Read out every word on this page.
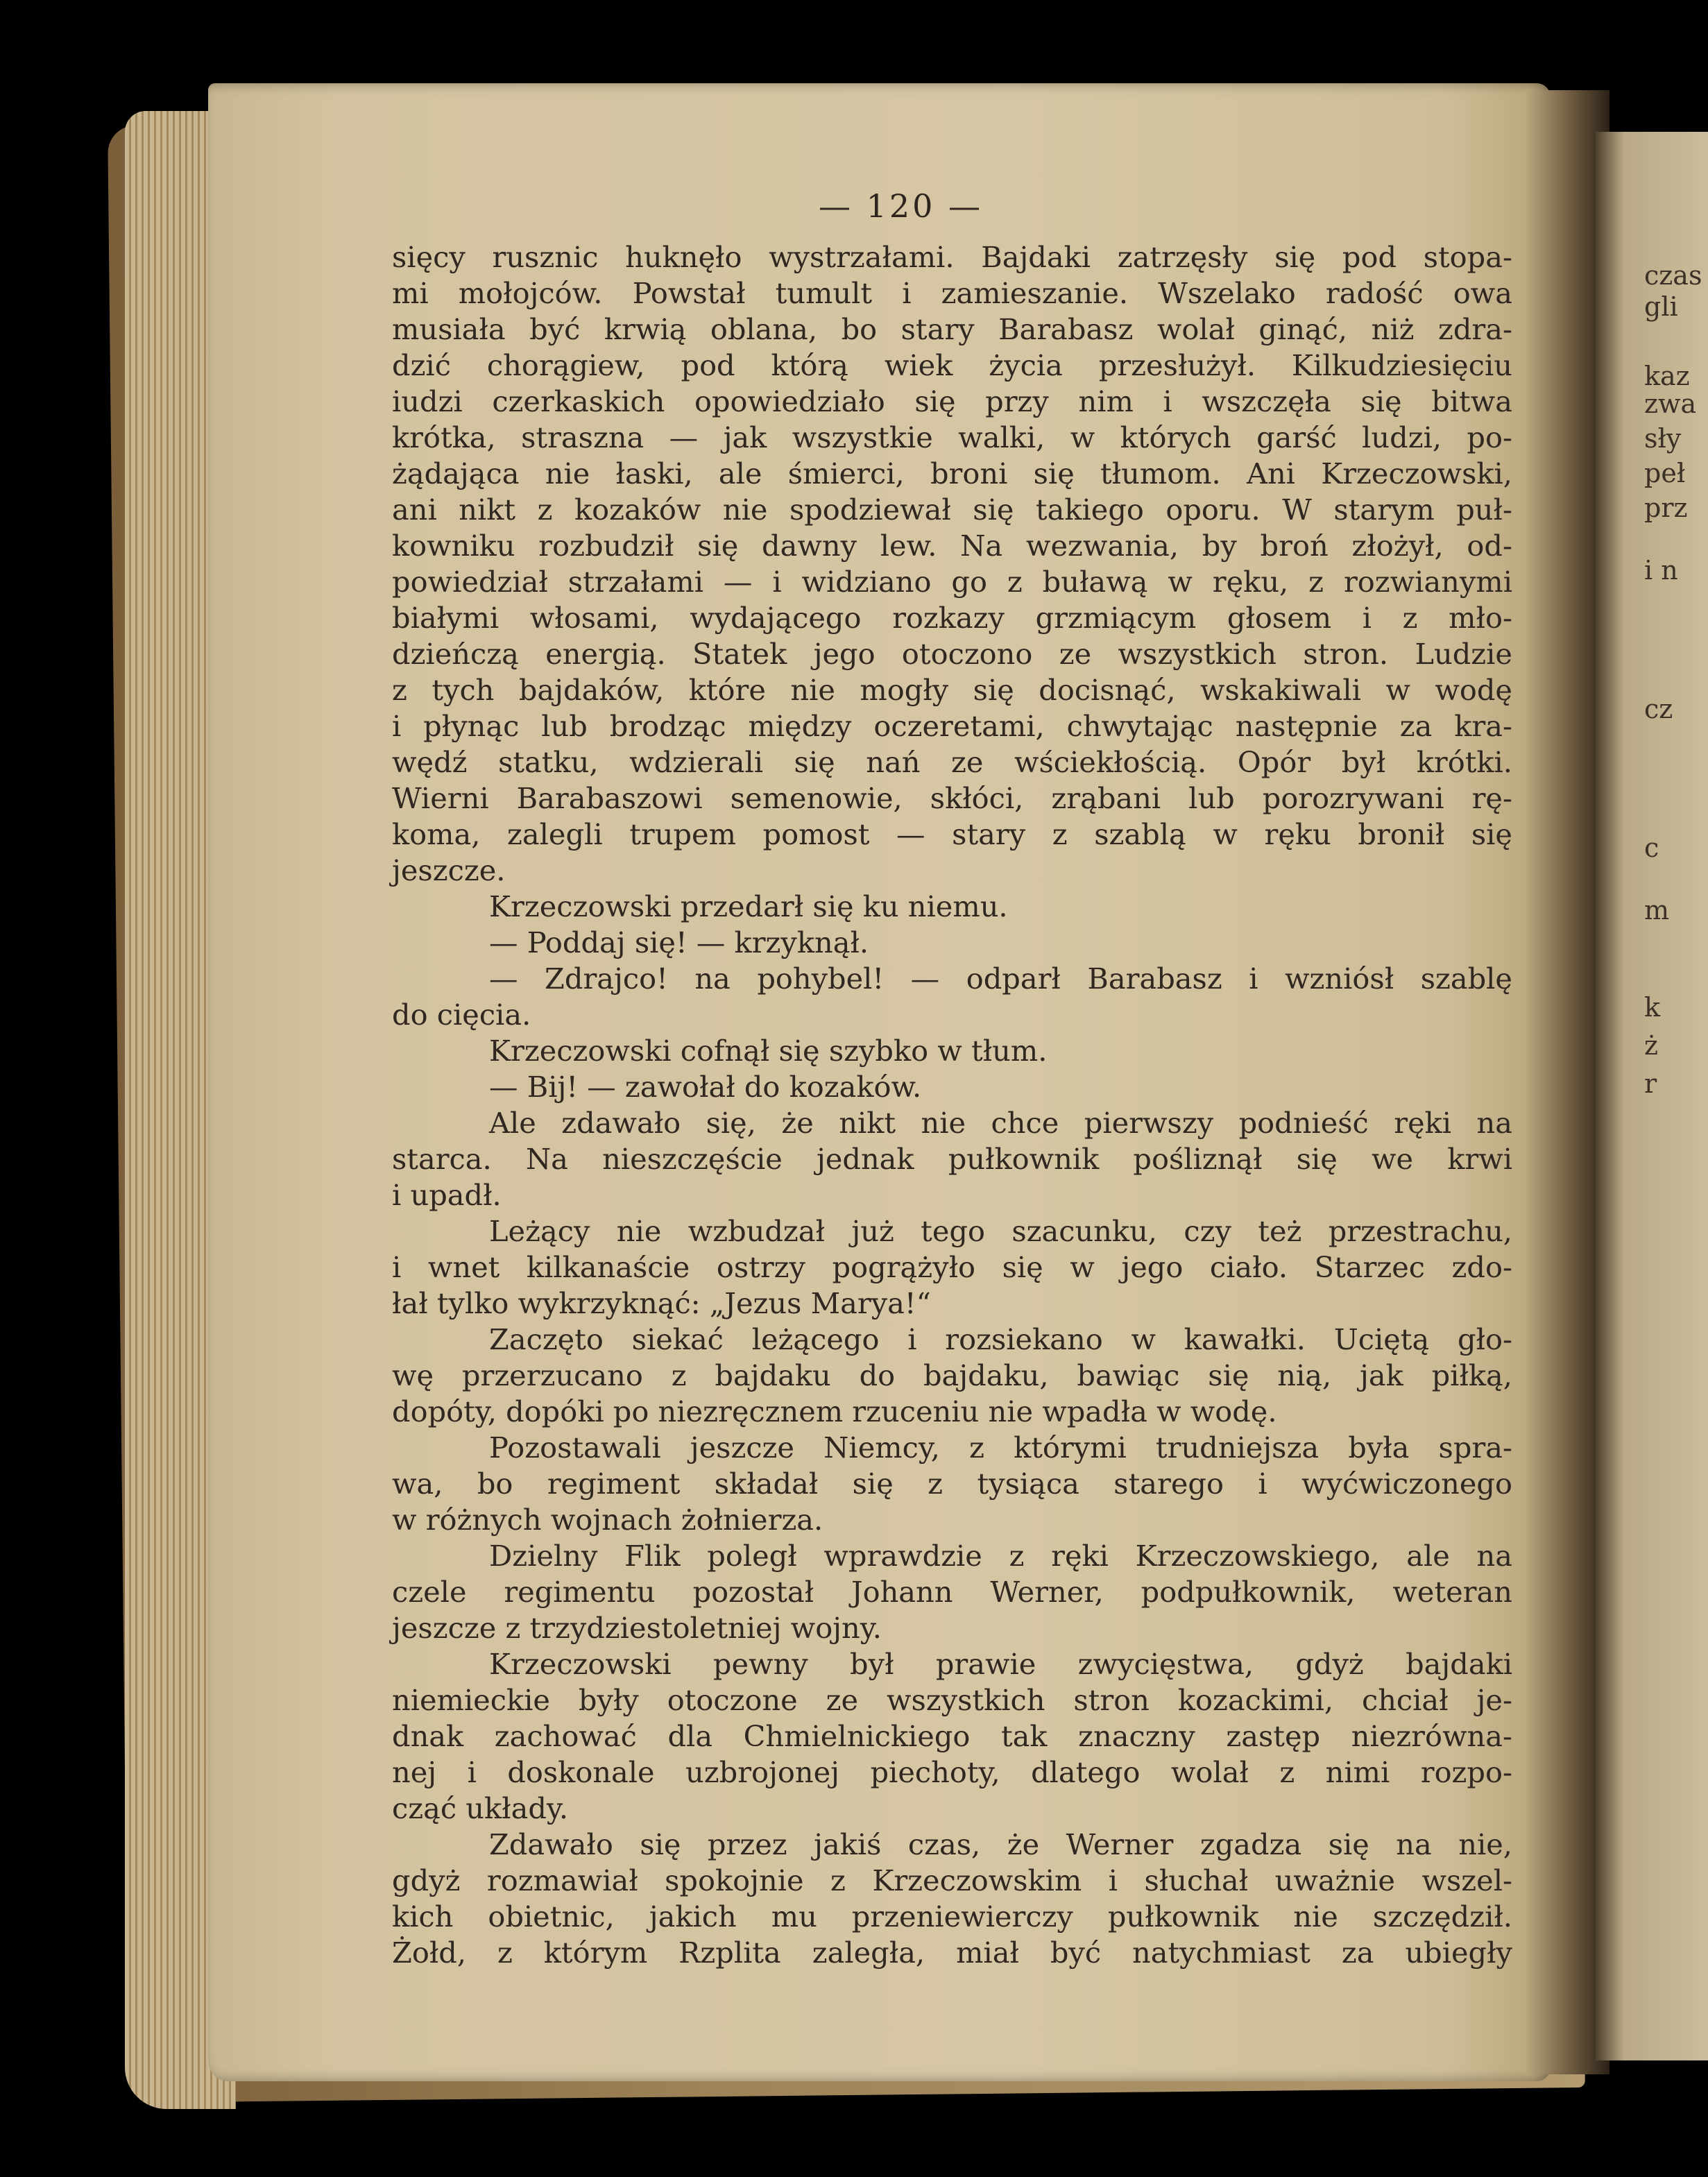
czas
gli
kaz
zwa
sły
peł
prz
i n
cz
c
m
k
ż
r
— 120 —
sięcy rusznic huknęło wystrzałami. Bajdaki zatrzęsły się pod stopa-
mi mołojców. Powstał tumult i zamieszanie. Wszelako radość owa
musiała być krwią oblana, bo stary Barabasz wolał ginąć, niż zdra-
dzić chorągiew, pod którą wiek życia przesłużył. Kilkudziesięciu
iudzi czerkaskich opowiedziało się przy nim i wszczęła się bitwa
krótka, straszna — jak wszystkie walki, w których garść ludzi, po-
żądająca nie łaski, ale śmierci, broni się tłumom. Ani Krzeczowski,
ani nikt z kozaków nie spodziewał się takiego oporu. W starym puł-
kowniku rozbudził się dawny lew. Na wezwania, by broń złożył, od-
powiedział strzałami — i widziano go z buławą w ręku, z rozwianymi
białymi włosami, wydającego rozkazy grzmiącym głosem i z mło-
dzieńczą energią. Statek jego otoczono ze wszystkich stron. Ludzie
z tych bajdaków, które nie mogły się docisnąć, wskakiwali w wodę
i płynąc lub brodząc między oczeretami, chwytając następnie za kra-
wędź statku, wdzierali się nań ze wściekłością. Opór był krótki.
Wierni Barabaszowi semenowie, skłóci, zrąbani lub porozrywani rę-
koma, zalegli trupem pomost — stary z szablą w ręku bronił się
jeszcze.
Krzeczowski przedarł się ku niemu.
— Poddaj się! — krzyknął.
— Zdrajco! na pohybel! — odparł Barabasz i wzniósł szablę
do cięcia.
Krzeczowski cofnął się szybko w tłum.
— Bij! — zawołał do kozaków.
Ale zdawało się, że nikt nie chce pierwszy podnieść ręki na
starca. Na nieszczęście jednak pułkownik pośliznął się we krwi
i upadł.
Leżący nie wzbudzał już tego szacunku, czy też przestrachu,
i wnet kilkanaście ostrzy pogrążyło się w jego ciało. Starzec zdo-
łał tylko wykrzyknąć: „Jezus Marya!“
Zaczęto siekać leżącego i rozsiekano w kawałki. Uciętą gło-
wę przerzucano z bajdaku do bajdaku, bawiąc się nią, jak piłką,
dopóty, dopóki po niezręcznem rzuceniu nie wpadła w wodę.
Pozostawali jeszcze Niemcy, z którymi trudniejsza była spra-
wa, bo regiment składał się z tysiąca starego i wyćwiczonego
w różnych wojnach żołnierza.
Dzielny Flik poległ wprawdzie z ręki Krzeczowskiego, ale na
czele regimentu pozostał Johann Werner, podpułkownik, weteran
jeszcze z trzydziestoletniej wojny.
Krzeczowski pewny był prawie zwycięstwa, gdyż bajdaki
niemieckie były otoczone ze wszystkich stron kozackimi, chciał je-
dnak zachować dla Chmielnickiego tak znaczny zastęp niezrówna-
nej i doskonale uzbrojonej piechoty, dlatego wolał z nimi rozpo-
cząć układy.
Zdawało się przez jakiś czas, że Werner zgadza się na nie,
gdyż rozmawiał spokojnie z Krzeczowskim i słuchał uważnie wszel-
kich obietnic, jakich mu przeniewierczy pułkownik nie szczędził.
Żołd, z którym Rzplita zaległa, miał być natychmiast za ubiegły
